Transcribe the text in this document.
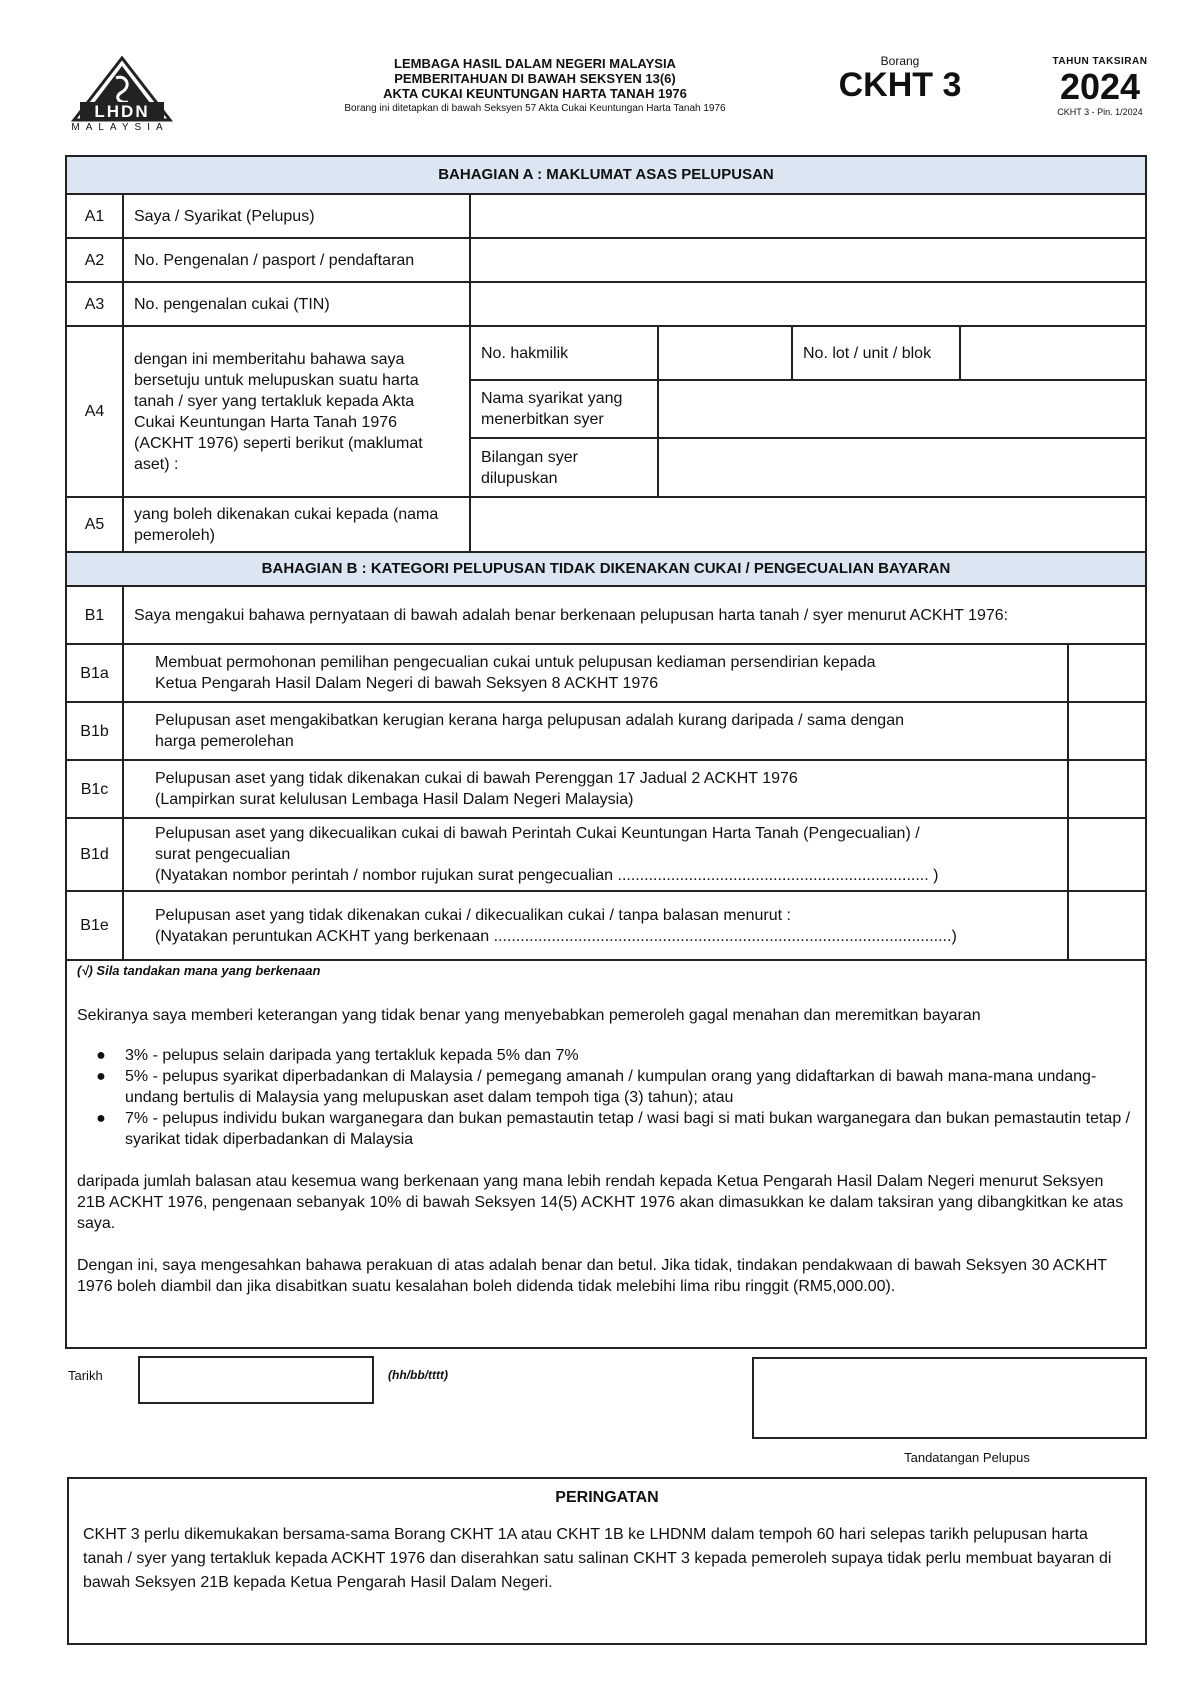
LHDN
MALAYSIA
LEMBAGA HASIL DALAM NEGERI MALAYSIA
PEMBERITAHUAN DI BAWAH SEKSYEN 13(6)
AKTA CUKAI KEUNTUNGAN HARTA TANAH 1976
Borang ini ditetapkan di bawah Seksyen 57 Akta Cukai Keuntungan Harta Tanah 1976
Borang
CKHT 3
TAHUN TAKSIRAN
2024
CKHT 3 - Pin. 1/2024
BAHAGIAN A : MAKLUMAT ASAS PELUPUSAN
A1	Saya / Syarikat (Pelupus)
A2	No. Pengenalan / pasport / pendaftaran
A3	No. pengenalan cukai (TIN)
A4
dengan ini memberitahu bahawa saya bersetuju untuk melupuskan suatu harta tanah / syer yang tertakluk kepada Akta Cukai Keuntungan Harta Tanah 1976 (ACKHT 1976) seperti berikut (maklumat aset) :
No. hakmilik	No. lot / unit / blok
Nama syarikat yang menerbitkan syer
Bilangan syer dilupuskan
A5
yang boleh dikenakan cukai kepada (nama pemeroleh)
BAHAGIAN B : KATEGORI PELUPUSAN TIDAK DIKENAKAN CUKAI / PENGECUALIAN BAYARAN
B1	Saya mengakui bahawa pernyataan di bawah adalah benar berkenaan pelupusan harta tanah / syer menurut ACKHT 1976:
B1a
Membuat permohonan pemilihan pengecualian cukai untuk pelupusan kediaman persendirian kepada
Ketua Pengarah Hasil Dalam Negeri di bawah Seksyen 8 ACKHT 1976
B1b
Pelupusan aset mengakibatkan kerugian kerana harga pelupusan adalah kurang daripada / sama dengan
harga pemerolehan
B1c
Pelupusan aset yang tidak dikenakan cukai di bawah Perenggan 17 Jadual 2 ACKHT 1976
(Lampirkan surat kelulusan Lembaga Hasil Dalam Negeri Malaysia)
B1d
Pelupusan aset yang dikecualikan cukai di bawah Perintah Cukai Keuntungan Harta Tanah (Pengecualian) /
surat pengecualian
(Nyatakan nombor perintah / nombor rujukan surat pengecualian ...................................................................... )
B1e
Pelupusan aset yang tidak dikenakan cukai / dikecualikan cukai / tanpa balasan menurut :
(Nyatakan peruntukan ACKHT yang berkenaan .......................................................................................................)
(√) Sila tandakan mana yang berkenaan
Sekiranya saya memberi keterangan yang tidak benar yang menyebabkan pemeroleh gagal menahan dan meremitkan bayaran
●	3% - pelupus selain daripada yang tertakluk kepada 5% dan 7%
●	5% - pelupus syarikat diperbadankan di Malaysia / pemegang amanah / kumpulan orang yang didaftarkan di bawah mana-mana undang-undang bertulis di Malaysia yang melupuskan aset dalam tempoh tiga (3) tahun); atau
●	7% - pelupus individu bukan warganegara dan bukan pemastautin tetap / wasi bagi si mati bukan warganegara dan bukan pemastautin tetap / syarikat tidak diperbadankan di Malaysia
daripada jumlah balasan atau kesemua wang berkenaan yang mana lebih rendah kepada Ketua Pengarah Hasil Dalam Negeri menurut Seksyen 21B ACKHT 1976, pengenaan sebanyak 10% di bawah Seksyen 14(5) ACKHT 1976 akan dimasukkan ke dalam taksiran yang dibangkitkan ke atas saya.
Dengan ini, saya mengesahkan bahawa perakuan di atas adalah benar dan betul. Jika tidak, tindakan pendakwaan di bawah Seksyen 30 ACKHT 1976 boleh diambil dan jika disabitkan suatu kesalahan boleh didenda tidak melebihi lima ribu ringgit (RM5,000.00).
Tarikh	(hh/bb/tttt)
Tandatangan Pelupus
PERINGATAN
CKHT 3 perlu dikemukakan bersama-sama Borang CKHT 1A atau CKHT 1B ke LHDNM dalam tempoh 60 hari selepas tarikh pelupusan harta tanah / syer yang tertakluk kepada ACKHT 1976 dan diserahkan satu salinan CKHT 3 kepada pemeroleh supaya tidak perlu membuat bayaran di bawah Seksyen 21B kepada Ketua Pengarah Hasil Dalam Negeri.
